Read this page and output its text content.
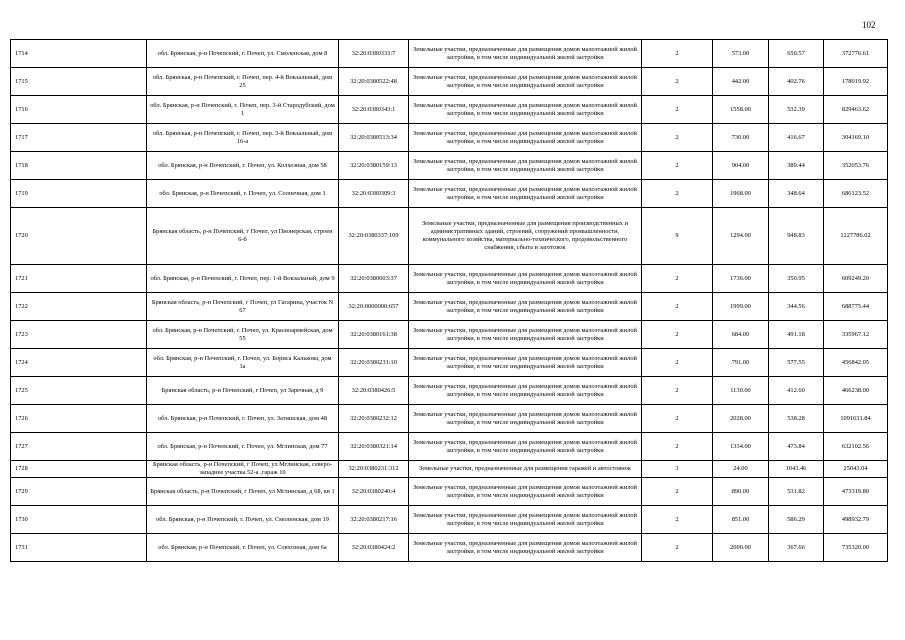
102
1714	обл. Брянская, р-н Почепский, г. Почеп, ул. Смоленская, дом 8	32:20:0380333:7	Земельные участки, предназначенные для размещения домов малоэтажной жилой застройки, в том числе индивидуальной жилой застройки	2	573.00	650.57	372776.61
1715	обл. Брянская, р-н Почепский, г. Почеп, пер. 4-й Вокзальный, дом 25	32:20:0380522:48	Земельные участки, предназначенные для размещения домов малоэтажной жилой застройки, в том числе индивидуальной жилой застройки	2	442.00	402.76	178019.92
1716	обл. Брянская, р-н Почепский, г. Почеп, пер. 3-й Стародубский, дом 1	32:20:0380343:1	Земельные участки, предназначенные для размещения домов малоэтажной жилой застройки, в том числе индивидуальной жилой застройки	2	1558.00	532.39	829463.62
1717	обл. Брянская, р-н Почепский, г. Почеп, пер. 3-й Вокзальный, дом 16-а	32:20:0380513:34	Земельные участки, предназначенные для размещения домов малоэтажной жилой застройки, в том числе индивидуальной жилой застройки	2	730.00	416.67	304169.10
1718	обл. Брянская, р-н Почепский, г. Почеп, ул. Колхозная, дом 58	32:20:0380159:13	Земельные участки, предназначенные для размещения домов малоэтажной жилой застройки, в том числе индивидуальной жилой застройки	2	904.00	389.44	352053.76
1719	обл. Брянская, р-н Почепский, г. Почеп, ул. Солнечная, дом 1	32:20:0380309:3	Земельные участки, предназначенные для размещения домов малоэтажной жилой застройки, в том числе индивидуальной жилой застройки	2	1968.00	348.64	686123.52
1720	Брянская область, р-н Почепский, г Почеп, ул Пионерская, строен 6-б	32:20:0380337:109	Земельные участки, предназначенные для размещения производственных и административных зданий, строений, сооружений промышленности, коммунального хозяйства, материально-технического, продовольственного снабжения, сбыта и заготовок	9	1294.00	948.83	1227786.02
1721	обл. Брянская, р-н Почепский, г. Почеп, пер. 1-й Вокзальный, дом 9	32:20:0380603:37	Земельные участки, предназначенные для размещения домов малоэтажной жилой застройки, в том числе индивидуальной жилой застройки	2	1736.00	350.95	609249.20
1722	Брянская область, р-н Почепский, г Почеп, ул Гагарина, участок N 67	32:20:0000000:657	Земельные участки, предназначенные для размещения домов малоэтажной жилой застройки, в том числе индивидуальной жилой застройки	2	1999.00	344.56	688775.44
1723	обл. Брянская, р-н Почепский, г. Почеп, ул. Красноармейская, дом 55	32:20:0380161:38	Земельные участки, предназначенные для размещения домов малоэтажной жилой застройки, в том числе индивидуальной жилой застройки	2	684.00	491.18	335967.12
1724	обл. Брянская, р-н Почепский, г. Почеп, ул. Бориса Калькова, дом 1а	32:20:0380231:10	Земельные участки, предназначенные для размещения домов малоэтажной жилой застройки, в том числе индивидуальной жилой застройки	2	791.00	577.55	456842.05
1725	Брянская область, р-н Почепский, г Почеп, ул Заречная, д 9	32:20:0380426:5	Земельные участки, предназначенные для размещения домов малоэтажной жилой застройки, в том числе индивидуальной жилой застройки	2	1130.00	412.60	466238.00
1726	обл. Брянская, р-н Почепский, г. Почеп, ул. Затишская, дом 48	32:20:0380232:12	Земельные участки, предназначенные для размещения домов малоэтажной жилой застройки, в том числе индивидуальной жилой застройки	2	2028.00	538.28	1091631.84
1727	обл. Брянская, р-н Почепский, г. Почеп, ул. Мглинская, дом 77	32:20:0380321:14	Земельные участки, предназначенные для размещения домов малоэтажной жилой застройки, в том числе индивидуальной жилой застройки	2	1334.00	473.84	632102.56
1728	Брянская область, р-н Почепский, г Почеп, ул Мглинская, северо-западнее участка 52-а ,гараж 10	32:20:0380231:312	Земельные участки, предназначенные для размещения гаражей и автостоянок	3	24.00	1043.46	25043.04
1729	Брянская область, р-н Почепский, г Почеп, ул Мглинская, д 68, кв 1	32:20:0380240:4	Земельные участки, предназначенные для размещения домов малоэтажной жилой застройки, в том числе индивидуальной жилой застройки	2	890.00	531.82	473319.80
1730	обл. Брянская, р-н Почепский, г. Почеп, ул. Смоленская, дом 19	32:20:0380217:16	Земельные участки, предназначенные для размещения домов малоэтажной жилой застройки, в том числе индивидуальной жилой застройки	2	851.00	586.29	498932.79
1731	обл. Брянская, р-н Почепский, г. Почеп, ул. Совхозная, дом 6а	32:20:0380424:2	Земельные участки, предназначенные для размещения домов малоэтажной жилой застройки, в том числе индивидуальной жилой застройки	2	2000.00	367.66	735320.00
